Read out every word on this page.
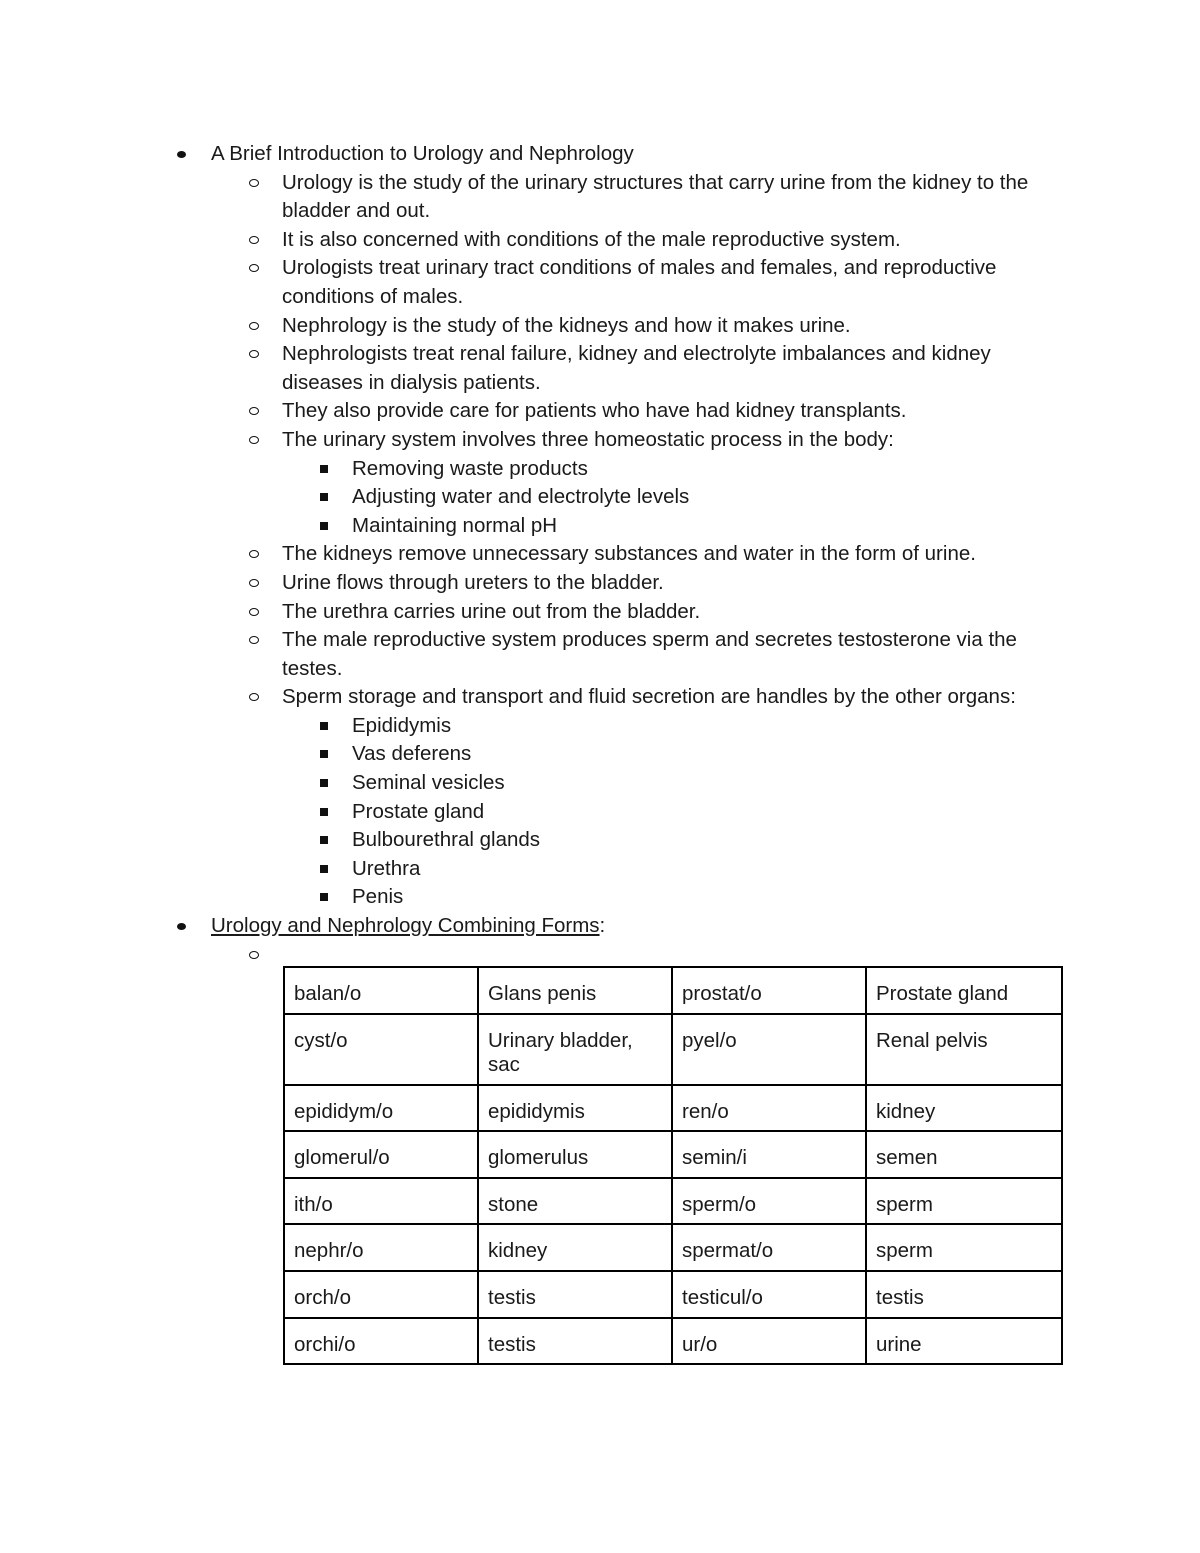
A Brief Introduction to Urology and Nephrology
Urology is the study of the urinary structures that carry urine from the kidney to the bladder and out.
It is also concerned with conditions of the male reproductive system.
Urologists treat urinary tract conditions of males and females, and reproductive conditions of males.
Nephrology is the study of the kidneys and how it makes urine.
Nephrologists treat renal failure, kidney and electrolyte imbalances and kidney diseases in dialysis patients.
They also provide care for patients who have had kidney transplants.
The urinary system involves three homeostatic process in the body:
Removing waste products
Adjusting water and electrolyte levels
Maintaining normal pH
The kidneys remove unnecessary substances and water in the form of urine.
Urine flows through ureters to the bladder.
The urethra carries urine out from the bladder.
The male reproductive system produces sperm and secretes testosterone via the testes.
Sperm storage and transport and fluid secretion are handles by the other organs:
Epididymis
Vas deferens
Seminal vesicles
Prostate gland
Bulbourethral glands
Urethra
Penis
Urology and Nephrology Combining Forms:
balan/o	Glans penis	prostat/o	Prostate gland
cyst/o	Urinary bladder, sac	pyel/o	Renal pelvis
epididym/o	epididymis	ren/o	kidney
glomerul/o	glomerulus	semin/i	semen
ith/o	stone	sperm/o	sperm
nephr/o	kidney	spermat/o	sperm
orch/o	testis	testicul/o	testis
orchi/o	testis	ur/o	urine
